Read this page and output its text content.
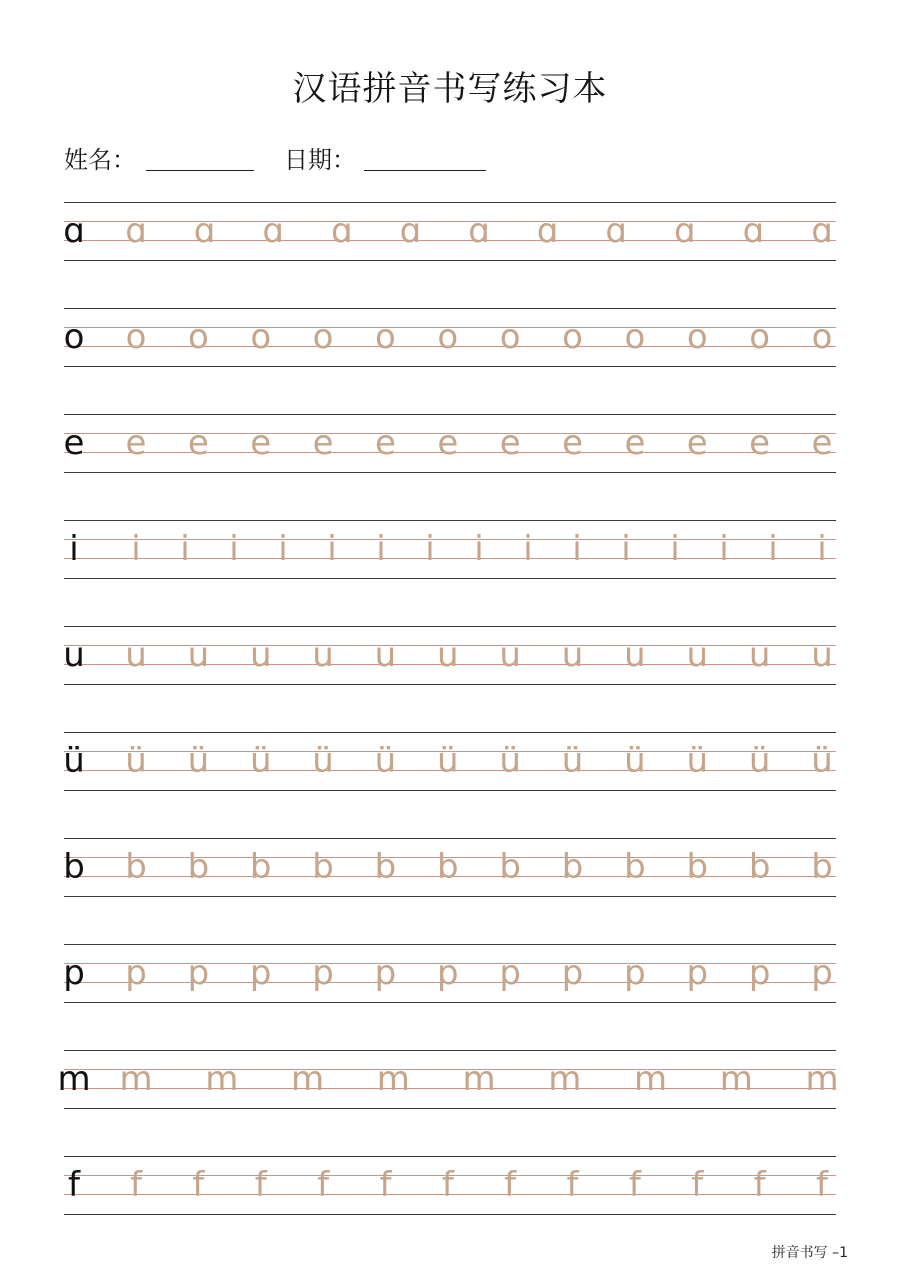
汉语拼音书写练习本
姓名：	日期：
ɑ ɑ ɑ ɑ ɑ ɑ ɑ ɑ ɑ ɑ ɑ ɑ
o o o o o o o o o o o o o
e e e e e e e e e e e e e
i	i	i	i	i	i	i	i	i	i	i	i	i	i	i	i
u u u u u u u u u u u u u
ü ü ü ü ü ü ü ü ü ü ü ü ü
b b b b b b b b b b b b b
p p p p p p p p p p p p p
m m m m m m m m m m
f	f	f	f	f	f	f	f	f	f	f	f	f
拼音书写 –1
